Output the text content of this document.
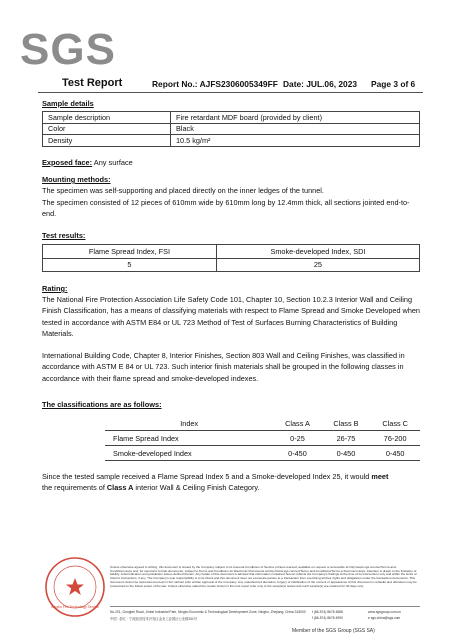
SGS
Test Report	Report No.: AJFS2306005349FF Date: JUL.06, 2023 Page 3 of 6
Sample details
Sample description	Fire retardant MDF board (provided by client)
Color	Black
Density	10.5 kg/m²
Exposed face: Any surface
Mounting methods:
The specimen was self-supporting and placed directly on the inner ledges of the tunnel.
The specimen consisted of 12 pieces of 610mm wide by 610mm long by 12.4mm thick, all sections jointed end-to-end.
Test results:
Flame Spread Index, FSI	Smoke-developed Index, SDI
5	25
Rating:
The National Fire Protection Association Life Safety Code 101, Chapter 10, Section 10.2.3 Interior Wall and Ceiling Finish Classification, has a means of classifying materials with respect to Flame Spread and Smoke Developed when tested in accordance with ASTM E84 or UL 723 Method of Test of Surfaces Burning Characteristics of Building Materials.
International Building Code, Chapter 8, Interior Finishes, Section 803 Wall and Ceiling Finishes, was classified in accordance with ASTM E 84 or UL 723. Such interior finish materials shall be grouped in the following classes in accordance with their flame spread and smoke-developed indexes.
The classifications are as follows:
Index	Class A	Class B	Class C
Flame Spread Index	0-25	26-75	76-200
Smoke-developed Index	0-450	0-450	0-450
Since the tested sample received a Flame Spread Index 5 and a Smoke-developed Index 25, it would meet
the requirements of Class A interior Wall & Ceiling Finish Category.
Ningbo Fire Technology Service
Unless otherwise agreed in writing, this document is issued by the Company subject to its General Conditions of Service printed overleaf, available on request or accessible at http://www.sgs.com/en/Terms-and-Conditions.aspx and, for electronic format documents, subject to Terms and Conditions for Electronic Documents at http://www.sgs.com/en/Terms-and-Conditions/Terms-e-Document.aspx. Attention is drawn to the limitation of liability, indemnification and jurisdiction issues defined therein. Any holder of this document is advised that information contained hereon reflects the Company's findings at the time of its intervention only and within the limits of Client's instructions, if any. The Company's sole responsibility is to its Client and this document does not exonerate parties to a transaction from exercising all their rights and obligations under the transaction documents. This document cannot be reproduced except in full, without prior written approval of the Company. Any unauthorized alteration, forgery or falsification of the content or appearance of this document is unlawful and offenders may be prosecuted to the fullest extent of the law. Unless otherwise stated the results shown in this test report refer only to the sample(s) tested and such sample(s) are retained for 30 days only.
No.201, Gongbei Road, Jinbei Industrial Park, Ningbo Economic & Technological Development Zone, Ningbo, Zhejiang, China 315000
中国 · 浙江 · 宁波经济技术开发区金北工业园区公北路201号
t (86-574) 8678 4888
f (86-574) 8678 4990
www.sgsgroup.com.cn
e sgs.china@sgs.com
Member of the SGS Group (SGS SA)
